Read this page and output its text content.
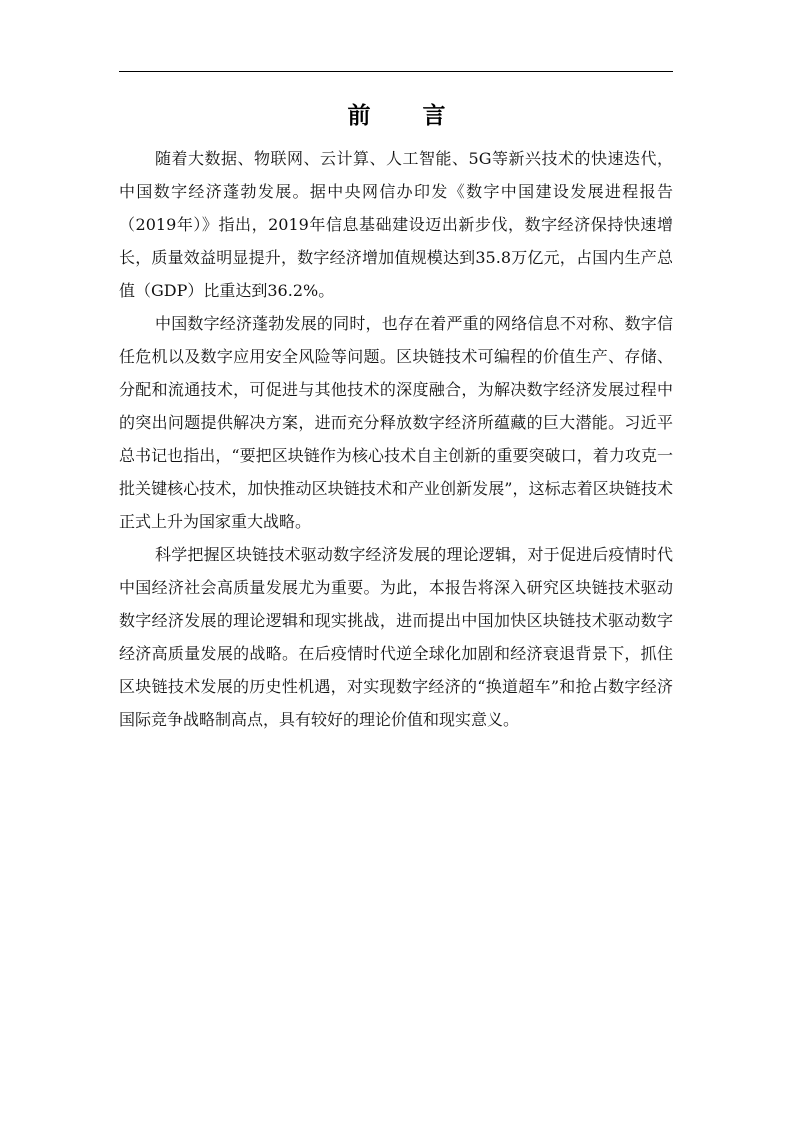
前 言

随着大数据、物联网、云计算、人工智能、5G等新兴技术的快速迭代，中国数字经济蓬勃发展。据中央网信办印发《数字中国建设发展进程报告（2019年）》指出，2019年信息基础建设迈出新步伐，数字经济保持快速增长，质量效益明显提升，数字经济增加值规模达到35.8万亿元，占国内生产总值（GDP）比重达到36.2%。

中国数字经济蓬勃发展的同时，也存在着严重的网络信息不对称、数字信任危机以及数字应用安全风险等问题。区块链技术可编程的价值生产、存储、分配和流通技术，可促进与其他技术的深度融合，为解决数字经济发展过程中的突出问题提供解决方案，进而充分释放数字经济所蕴藏的巨大潜能。习近平总书记也指出，“要把区块链作为核心技术自主创新的重要突破口，着力攻克一批关键核心技术，加快推动区块链技术和产业创新发展”，这标志着区块链技术正式上升为国家重大战略。

科学把握区块链技术驱动数字经济发展的理论逻辑，对于促进后疫情时代中国经济社会高质量发展尤为重要。为此，本报告将深入研究区块链技术驱动数字经济发展的理论逻辑和现实挑战，进而提出中国加快区块链技术驱动数字经济高质量发展的战略。在后疫情时代逆全球化加剧和经济衰退背景下，抓住区块链技术发展的历史性机遇，对实现数字经济的“换道超车”和抢占数字经济国际竞争战略制高点，具有较好的理论价值和现实意义。
